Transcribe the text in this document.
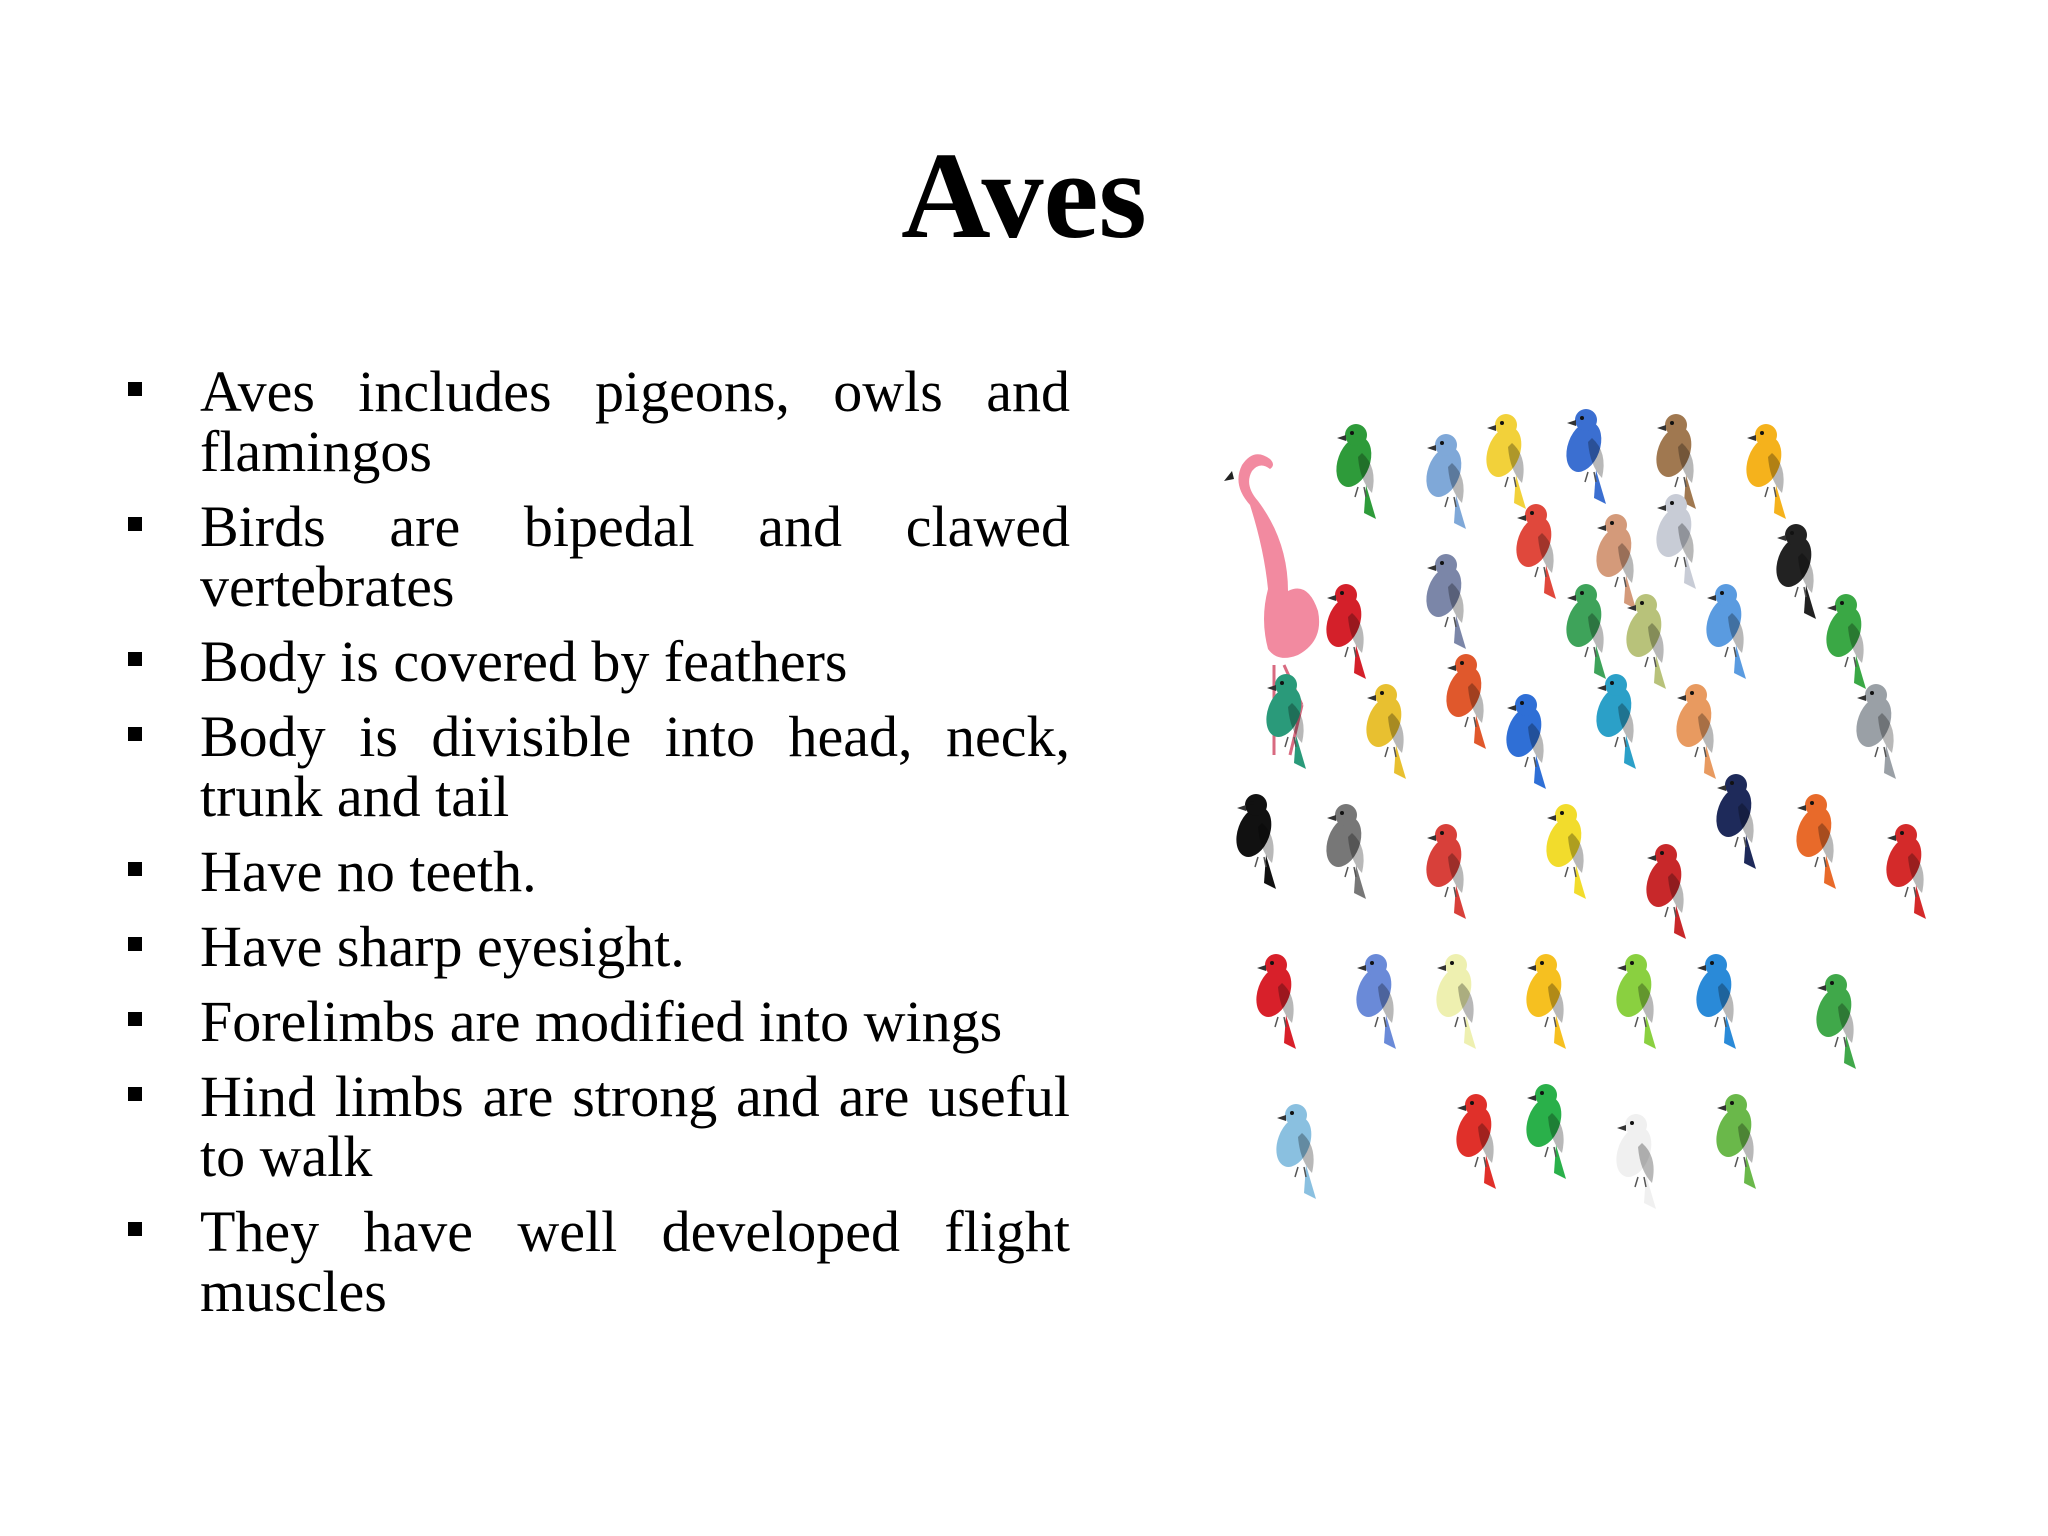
Aves
Aves includes pigeons, owls and flamingos
Birds are bipedal and clawed vertebrates
Body is covered by feathers
Body is divisible into head, neck, trunk and tail
Have no teeth.
Have sharp eyesight.
Forelimbs are modified into wings
Hind limbs are strong and are useful to walk
They have well developed flight muscles
